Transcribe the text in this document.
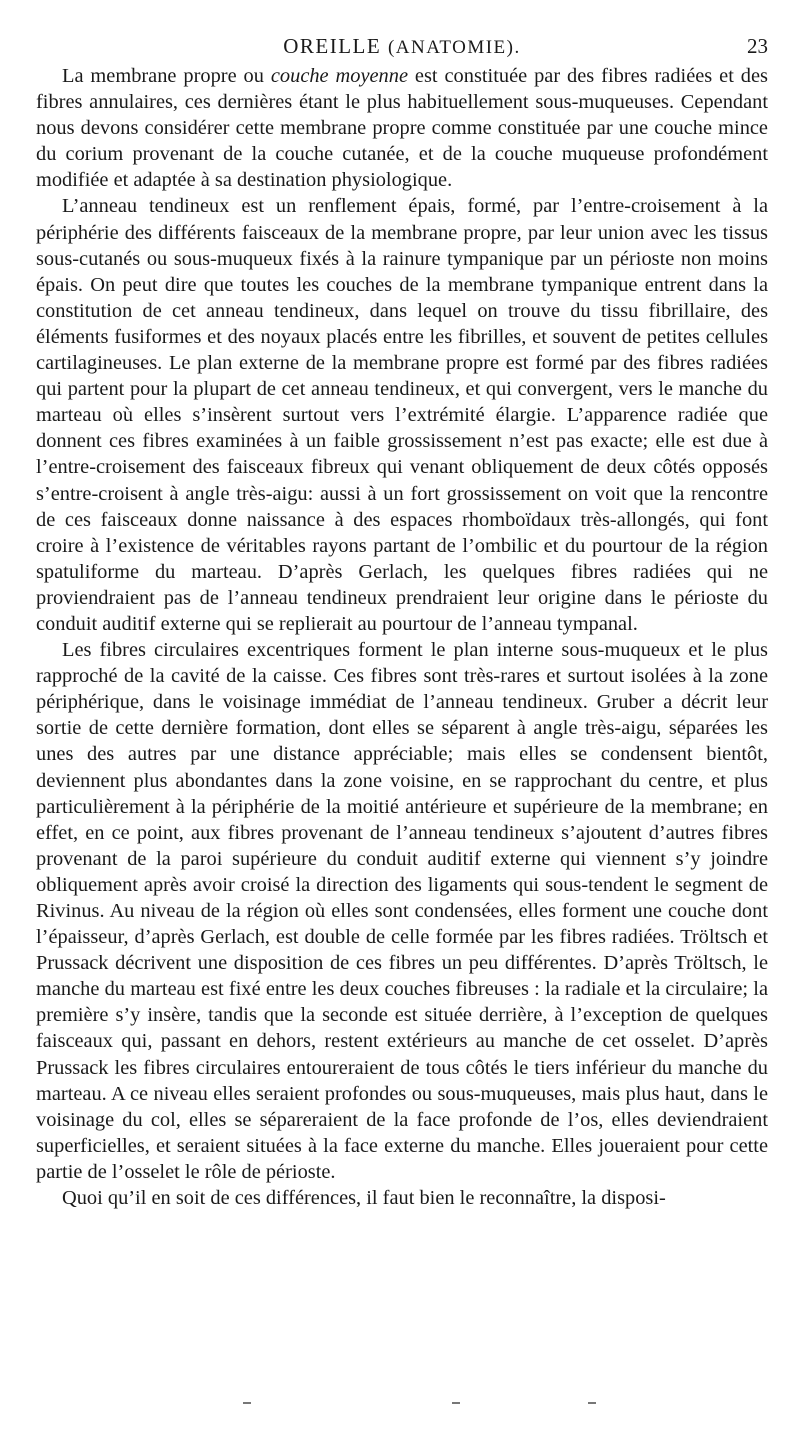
OREILLE (ANATOMIE).	23

La membrane propre ou couche moyenne est constituée par des fibres radiées et des fibres annulaires, ces dernières étant le plus habituellement sous-muqueuses. Cependant nous devons considérer cette membrane propre comme constituée par une couche mince du corium provenant de la couche cutanée, et de la couche muqueuse profondément modifiée et adaptée à sa destination physiologique.

L’anneau tendineux est un renflement épais, formé, par l’entre-croisement à la périphérie des différents faisceaux de la membrane propre, par leur union avec les tissus sous-cutanés ou sous-muqueux fixés à la rainure tympanique par un périoste non moins épais. On peut dire que toutes les couches de la membrane tympanique entrent dans la constitution de cet anneau tendineux, dans lequel on trouve du tissu fibrillaire, des éléments fusiformes et des noyaux placés entre les fibrilles, et souvent de petites cellules cartilagineuses. Le plan externe de la membrane propre est formé par des fibres radiées qui partent pour la plupart de cet anneau tendineux, et qui convergent, vers le manche du marteau où elles s’insèrent surtout vers l’extrémité élargie. L’apparence radiée que donnent ces fibres examinées à un faible grossissement n’est pas exacte; elle est due à l’entre-croisement des faisceaux fibreux qui venant obliquement de deux côtés opposés s’entre-croisent à angle très-aigu: aussi à un fort grossissement on voit que la rencontre de ces faisceaux donne naissance à des espaces rhomboïdaux très-allongés, qui font croire à l’existence de véritables rayons partant de l’ombilic et du pourtour de la région spatuliforme du marteau. D’après Gerlach, les quelques fibres radiées qui ne proviendraient pas de l’anneau tendineux prendraient leur origine dans le périoste du conduit auditif externe qui se replierait au pourtour de l’anneau tympanal.

Les fibres circulaires excentriques forment le plan interne sous-muqueux et le plus rapproché de la cavité de la caisse. Ces fibres sont très-rares et surtout isolées à la zone périphérique, dans le voisinage immédiat de l’anneau tendineux. Gruber a décrit leur sortie de cette dernière formation, dont elles se séparent à angle très-aigu, séparées les unes des autres par une distance appréciable; mais elles se condensent bientôt, deviennent plus abondantes dans la zone voisine, en se rapprochant du centre, et plus particulièrement à la périphérie de la moitié antérieure et supérieure de la membrane; en effet, en ce point, aux fibres provenant de l’anneau tendineux s’ajoutent d’autres fibres provenant de la paroi supérieure du conduit auditif externe qui viennent s’y joindre obliquement après avoir croisé la direction des ligaments qui sous-tendent le segment de Rivinus. Au niveau de la région où elles sont condensées, elles forment une couche dont l’épaisseur, d’après Gerlach, est double de celle formée par les fibres radiées. Tröltsch et Prussack décrivent une disposition de ces fibres un peu différentes. D’après Tröltsch, le manche du marteau est fixé entre les deux couches fibreuses : la radiale et la circulaire; la première s’y insère, tandis que la seconde est située derrière, à l’exception de quelques faisceaux qui, passant en dehors, restent extérieurs au manche de cet osselet. D’après Prussack les fibres circulaires entoureraient de tous côtés le tiers inférieur du manche du marteau. A ce niveau elles seraient profondes ou sous-muqueuses, mais plus haut, dans le voisinage du col, elles se sépareraient de la face profonde de l’os, elles deviendraient superficielles, et seraient situées à la face externe du manche. Elles joueraient pour cette partie de l’osselet le rôle de périoste.

Quoi qu’il en soit de ces différences, il faut bien le reconnaître, la disposi-
